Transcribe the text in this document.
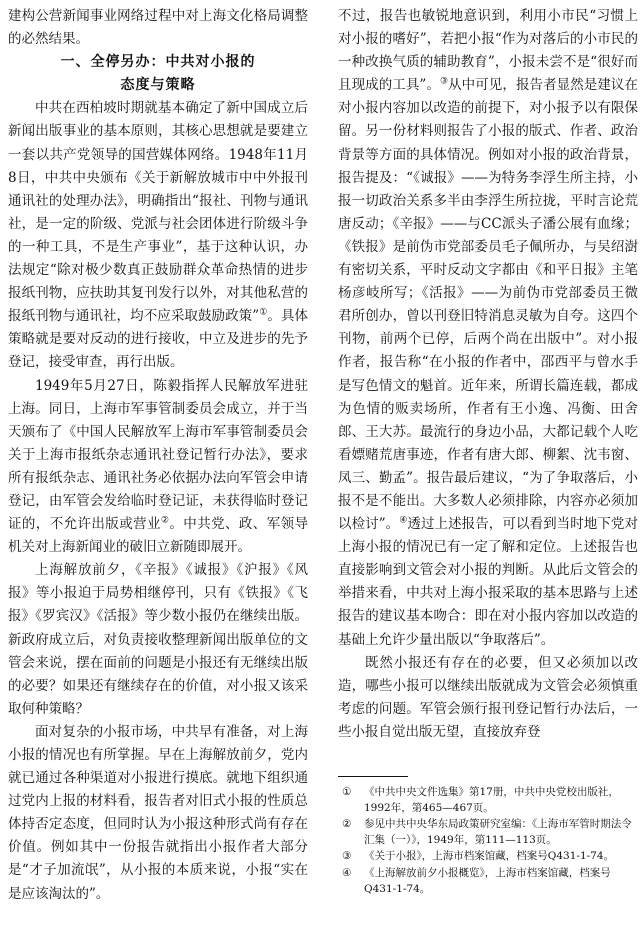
建构公营新闻事业网络过程中对上海文化格局调整的必然结果。

一、全停另办：中共对小报的
态度与策略

中共在西柏坡时期就基本确定了新中国成立后新闻出版事业的基本原则，其核心思想就是要建立一套以共产党领导的国营媒体网络。1948年11月8日，中共中央颁布《关于新解放城市中中外报刊通讯社的处理办法》，明确指出“报社、刊物与通讯社，是一定的阶级、党派与社会团体进行阶级斗争的一种工具，不是生产事业”，基于这种认识，办法规定“除对极少数真正鼓励群众革命热情的进步报纸刊物，应扶助其复刊发行以外，对其他私营的报纸刊物与通讯社，均不应采取鼓励政策”①。具体策略就是要对反动的进行接收，中立及进步的先予登记，接受审查，再行出版。

1949年5月27日，陈毅指挥人民解放军进驻上海。同日，上海市军事管制委员会成立，并于当天颁布了《中国人民解放军上海市军事管制委员会关于上海市报纸杂志通讯社登记暂行办法》，要求所有报纸杂志、通讯社务必依据办法向军管会申请登记，由军管会发给临时登记证，未获得临时登记证的，不允许出版或营业②。中共党、政、军领导机关对上海新闻业的破旧立新随即展开。

上海解放前夕，《辛报》《诚报》《沪报》《风报》等小报迫于局势相继停刊，只有《铁报》《飞报》《罗宾汉》《活报》等少数小报仍在继续出版。新政府成立后，对负责接收整理新闻出版单位的文管会来说，摆在面前的问题是小报还有无继续出版的必要？如果还有继续存在的价值，对小报又该采取何种策略？

面对复杂的小报市场，中共早有准备，对上海小报的情况也有所掌握。早在上海解放前夕，党内就已通过各种渠道对小报进行摸底。就地下组织通过党内上报的材料看，报告者对旧式小报的性质总体持否定态度，但同时认为小报这种形式尚有存在价值。例如其中一份报告就指出小报作者大部分是“才子加流氓”，从小报的本质来说，小报“实在是应该淘汰的”。

不过，报告也敏锐地意识到，利用小市民“习惯上对小报的嗜好”，若把小报“作为对落后的小市民的一种改换气质的辅助教育”，小报未尝不是“很好而且现成的工具”。③从中可见，报告者显然是建议在对小报内容加以改造的前提下，对小报予以有限保留。另一份材料则报告了小报的版式、作者、政治背景等方面的具体情况。例如对小报的政治背景，报告提及：“《诚报》——为特务李浮生所主持，小报一切政治关系多半由李浮生所拉拢，平时言论荒唐反动；《辛报》——与CC派头子潘公展有血缘；《铁报》是前伪市党部委员毛子佩所办，与吴绍澍有密切关系，平时反动文字都由《和平日报》主笔杨彦岐所写；《活报》——为前伪市党部委员王微君所创办，曾以刊登旧特消息灵敏为自夸。这四个刊物，前两个已停，后两个尚在出版中”。对小报作者，报告称“在小报的作者中，邵西平与曾水手是写色情文的魁首。近年来，所谓长篇连载，都成为色情的贩卖场所，作者有王小逸、冯衡、田舍郎、王大苏。最流行的身边小品，大都记载个人吃看嫖赌荒唐事迹，作者有唐大郎、柳絮、沈韦窗、凤三、勤孟”。报告最后建议，“为了争取落后，小报不是不能出。大多数人必须排除，内容亦必须加以检讨”。④透过上述报告，可以看到当时地下党对上海小报的情况已有一定了解和定位。上述报告也直接影响到文管会对小报的判断。从此后文管会的举措来看，中共对上海小报采取的基本思路与上述报告的建议基本吻合：即在对小报内容加以改造的基础上允许少量出版以“争取落后”。

既然小报还有存在的必要，但又必须加以改造，哪些小报可以继续出版就成为文管会必须慎重考虑的问题。军管会颁行报刊登记暂行办法后，一些小报自觉出版无望，直接放弃登

①	《中共中央文件选集》第17册，中共中央党校出版社，1992年，第465—467页。
②	参见中共中央华东局政策研究室编：《上海市军管时期法令汇集（一）》，1949年，第111—113页。
③	《关于小报》，上海市档案馆藏，档案号Q431-1-74。
④	《上海解放前夕小报概览》，上海市档案馆藏，档案号Q431-1-74。
